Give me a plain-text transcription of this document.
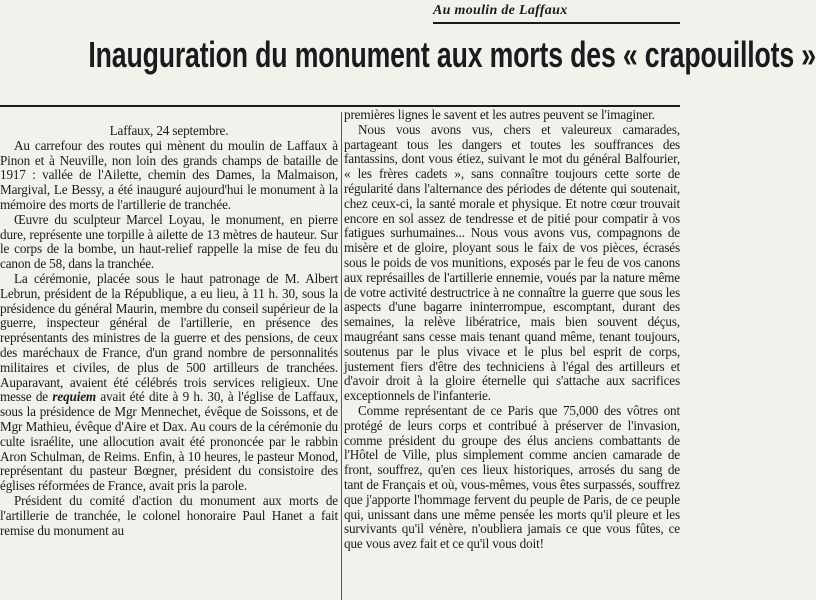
Au moulin de Laffaux
Inauguration du monument aux morts des « crapouillots »

Laffaux, 24 septembre.

Au carrefour des routes qui mènent du moulin de Laffaux à Pinon et à Neuville, non loin des grands champs de bataille de 1917 : vallée de l'Ailette, chemin des Dames, la Malmaison, Margival, Le Bessy, a été inauguré aujourd'hui le monument à la mémoire des morts de l'artillerie de tranchée.

Œuvre du sculpteur Marcel Loyau, le monument, en pierre dure, représente une torpille à ailette de 13 mètres de hauteur. Sur le corps de la bombe, un haut-relief rappelle la mise de feu du canon de 58, dans la tranchée.

La cérémonie, placée sous le haut patronage de M. Albert Lebrun, président de la République, a eu lieu, à 11 h. 30, sous la présidence du général Maurin, membre du conseil supérieur de la guerre, inspecteur général de l'artillerie, en présence des représentants des ministres de la guerre et des pensions, de ceux des maréchaux de France, d'un grand nombre de personnalités militaires et civiles, de plus de 500 artilleurs de tranchées. Auparavant, avaient été célébrés trois services religieux. Une messe de requiem avait été dite à 9 h. 30, à l'église de Laffaux, sous la présidence de Mgr Mennechet, évêque de Soissons, et de Mgr Mathieu, évêque d'Aire et Dax. Au cours de la cérémonie du culte israélite, une allocution avait été prononcée par le rabbin Aron Schulman, de Reims. Enfin, à 10 heures, le pasteur Monod, représentant du pasteur Bœgner, président du consistoire des églises réformées de France, avait pris la parole.

Président du comité d'action du monument aux morts de l'artillerie de tranchée, le colonel honoraire Paul Hanet a fait remise du monument au

premières lignes le savent et les autres peuvent se l'imaginer.

Nous vous avons vus, chers et valeureux camarades, partageant tous les dangers et toutes les souffrances des fantassins, dont vous étiez, suivant le mot du général Balfourier, « les frères cadets », sans connaître toujours cette sorte de régularité dans l'alternance des périodes de détente qui soutenait, chez ceux-ci, la santé morale et physique. Et notre cœur trouvait encore en sol assez de tendresse et de pitié pour compatir à vos fatigues surhumaines... Nous vous avons vus, compagnons de misère et de gloire, ployant sous le faix de vos pièces, écrasés sous le poids de vos munitions, exposés par le feu de vos canons aux représailles de l'artillerie ennemie, voués par la nature même de votre activité destructrice à ne connaître la guerre que sous les aspects d'une bagarre ininterrompue, escomptant, durant des semaines, la relève libératrice, mais bien souvent déçus, maugréant sans cesse mais tenant quand même, tenant toujours, soutenus par le plus vivace et le plus bel esprit de corps, justement fiers d'être des techniciens à l'égal des artilleurs et d'avoir droit à la gloire éternelle qui s'attache aux sacrifices exceptionnels de l'infanterie.

Comme représentant de ce Paris que 75,000 des vôtres ont protégé de leurs corps et contribué à préserver de l'invasion, comme président du groupe des élus anciens combattants de l'Hôtel de Ville, plus simplement comme ancien camarade de front, souffrez, qu'en ces lieux historiques, arrosés du sang de tant de Français et où, vous-mêmes, vous êtes surpassés, souffrez que j'apporte l'hommage fervent du peuple de Paris, de ce peuple qui, unissant dans une même pensée les morts qu'il pleure et les survivants qu'il vénère, n'oubliera jamais ce que vous fûtes, ce que vous avez fait et ce qu'il vous doit!
